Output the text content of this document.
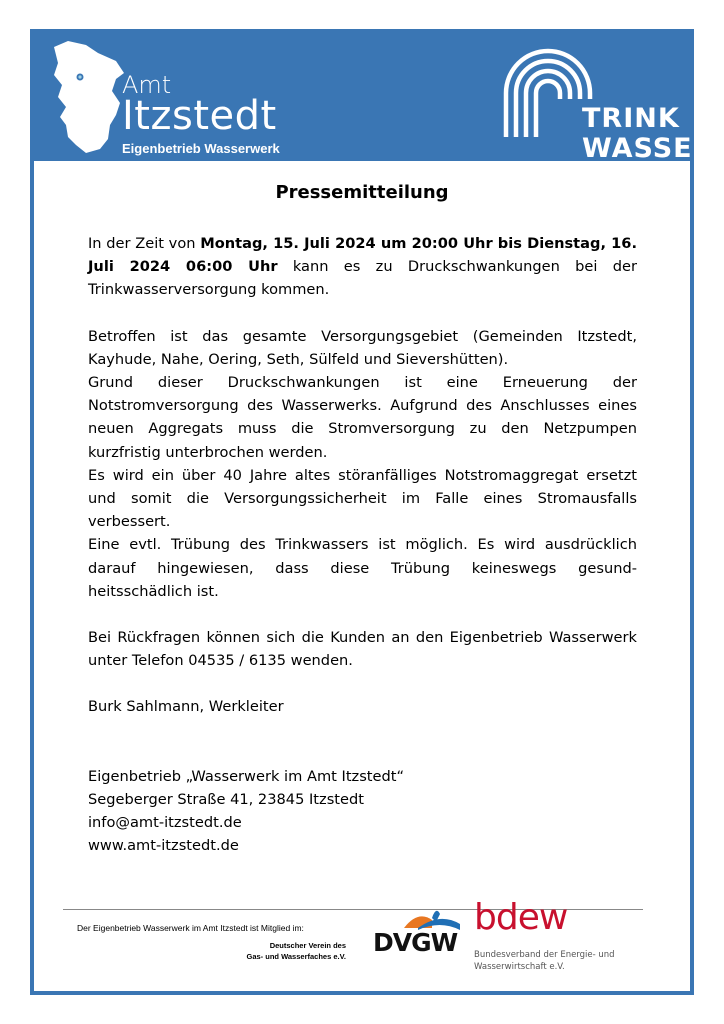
Amt
Itzstedt
Eigenbetrieb Wasserwerk
TRINK
WASSER
08.07.2024
Pressemitteilung

In der Zeit von Montag, 15. Juli 2024 um 20:00 Uhr bis Dienstag, 16. Juli 2024 06:00 Uhr kann es zu Druckschwankungen bei der Trinkwasserversorgung kommen.

Betroffen ist das gesamte Versorgungsgebiet (Gemeinden Itzstedt, Kayhude, Nahe, Oering, Seth, Sülfeld und Sievershütten).

Grund dieser Druckschwankungen ist eine Erneuerung der Notstromversorgung des Wasserwerks. Aufgrund des Anschlusses eines neuen Aggregats muss die Stromversorgung zu den Netzpumpen kurzfristig unterbrochen werden.

Es wird ein über 40 Jahre altes störanfälliges Notstromaggregat ersetzt und somit die Versorgungssicherheit im Falle eines Stromausfalls verbessert.

Eine evtl. Trübung des Trinkwassers ist möglich. Es wird ausdrücklich darauf hingewiesen, dass diese Trübung keineswegs gesund-heitsschädlich ist.

Bei Rückfragen können sich die Kunden an den Eigenbetrieb Wasserwerk unter Telefon 04535 / 6135 wenden.

Burk Sahlmann, Werkleiter

Eigenbetrieb „Wasserwerk im Amt Itzstedt“

Segeberger Straße 41, 23845 Itzstedt

info@amt-itzstedt.de

www.amt-itzstedt.de

Der Eigenbetrieb Wasserwerk im Amt Itzstedt ist Mitglied im:
Deutscher Verein des
Gas- und Wasserfaches e.V. DVGW
bdew
Bundesverband der Energie- und
Wasserwirtschaft e.V.
